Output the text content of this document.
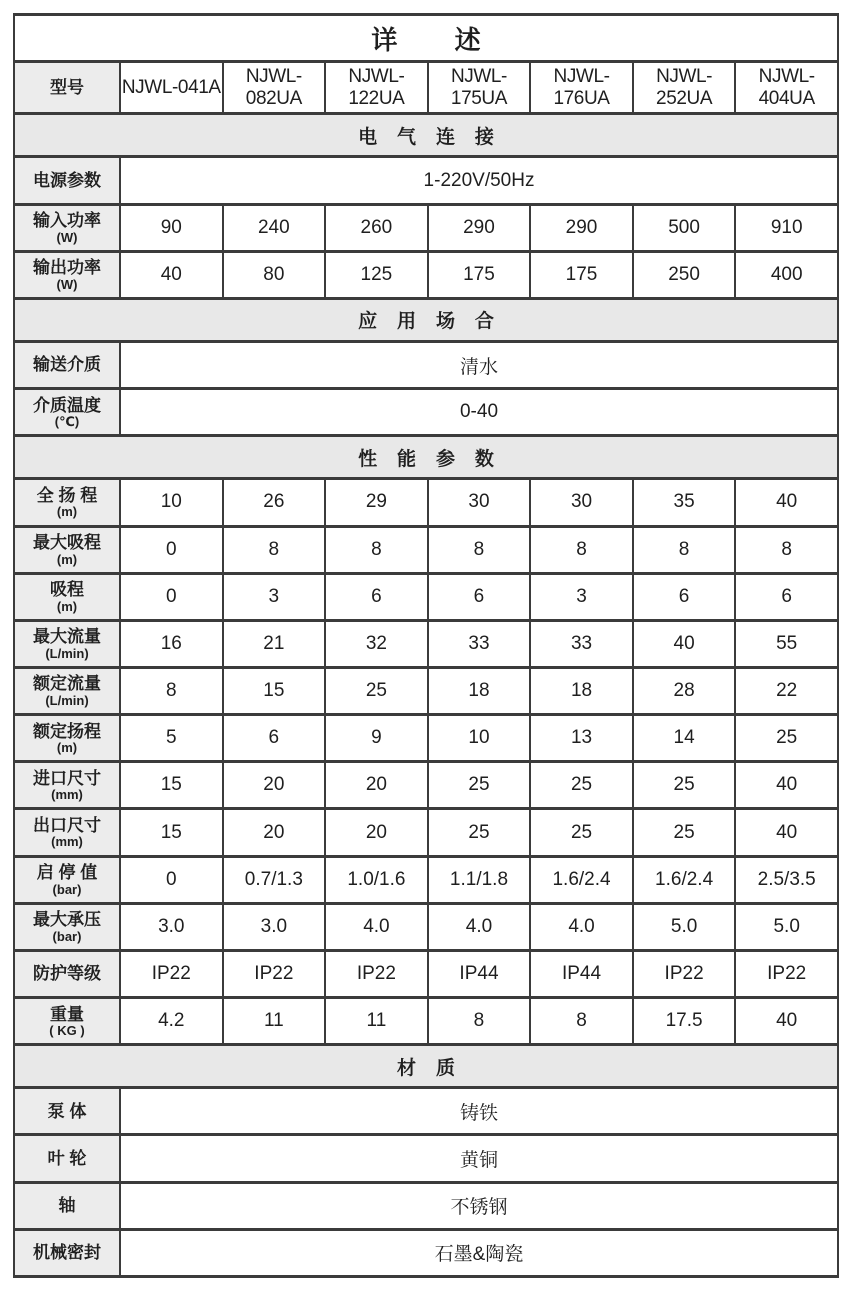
详述							
型号	NJWL-041A	NJWL-082UA	NJWL-122UA	NJWL-175UA	NJWL-176UA	NJWL-252UA	NJWL-404UA
电气连接							
电源参数	1-220V/50Hz						
输入功率
(W)	90	240	260	290	290	500	910
输出功率
(W)	40	80	125	175	175	250	400
应用场合							
输送介质	清水						
介质温度
(℃)	0-40						
性能参数							
全 扬 程
(m)	10	26	29	30	30	35	40
最大吸程
(m)	0	8	8	8	8	8	8
吸程
(m)	0	3	6	6	3	6	6
最大流量
(L/min)	16	21	32	33	33	40	55
额定流量
(L/min)	8	15	25	18	18	28	22
额定扬程
(m)	5	6	9	10	13	14	25
进口尺寸
(mm)	15	20	20	25	25	25	40
出口尺寸
(mm)	15	20	20	25	25	25	40
启 停 值
(bar)	0	0.7/1.3	1.0/1.6	1.1/1.8	1.6/2.4	1.6/2.4	2.5/3.5
最大承压
(bar)	3.0	3.0	4.0	4.0	4.0	5.0	5.0
防护等级	IP22	IP22	IP22	IP44	IP44	IP22	IP22
重量
( KG )	4.2	11	11	8	8	17.5	40
材质							
泵 体	铸铁						
叶 轮	黄铜						
轴	不锈钢						
机械密封	石墨&陶瓷						
